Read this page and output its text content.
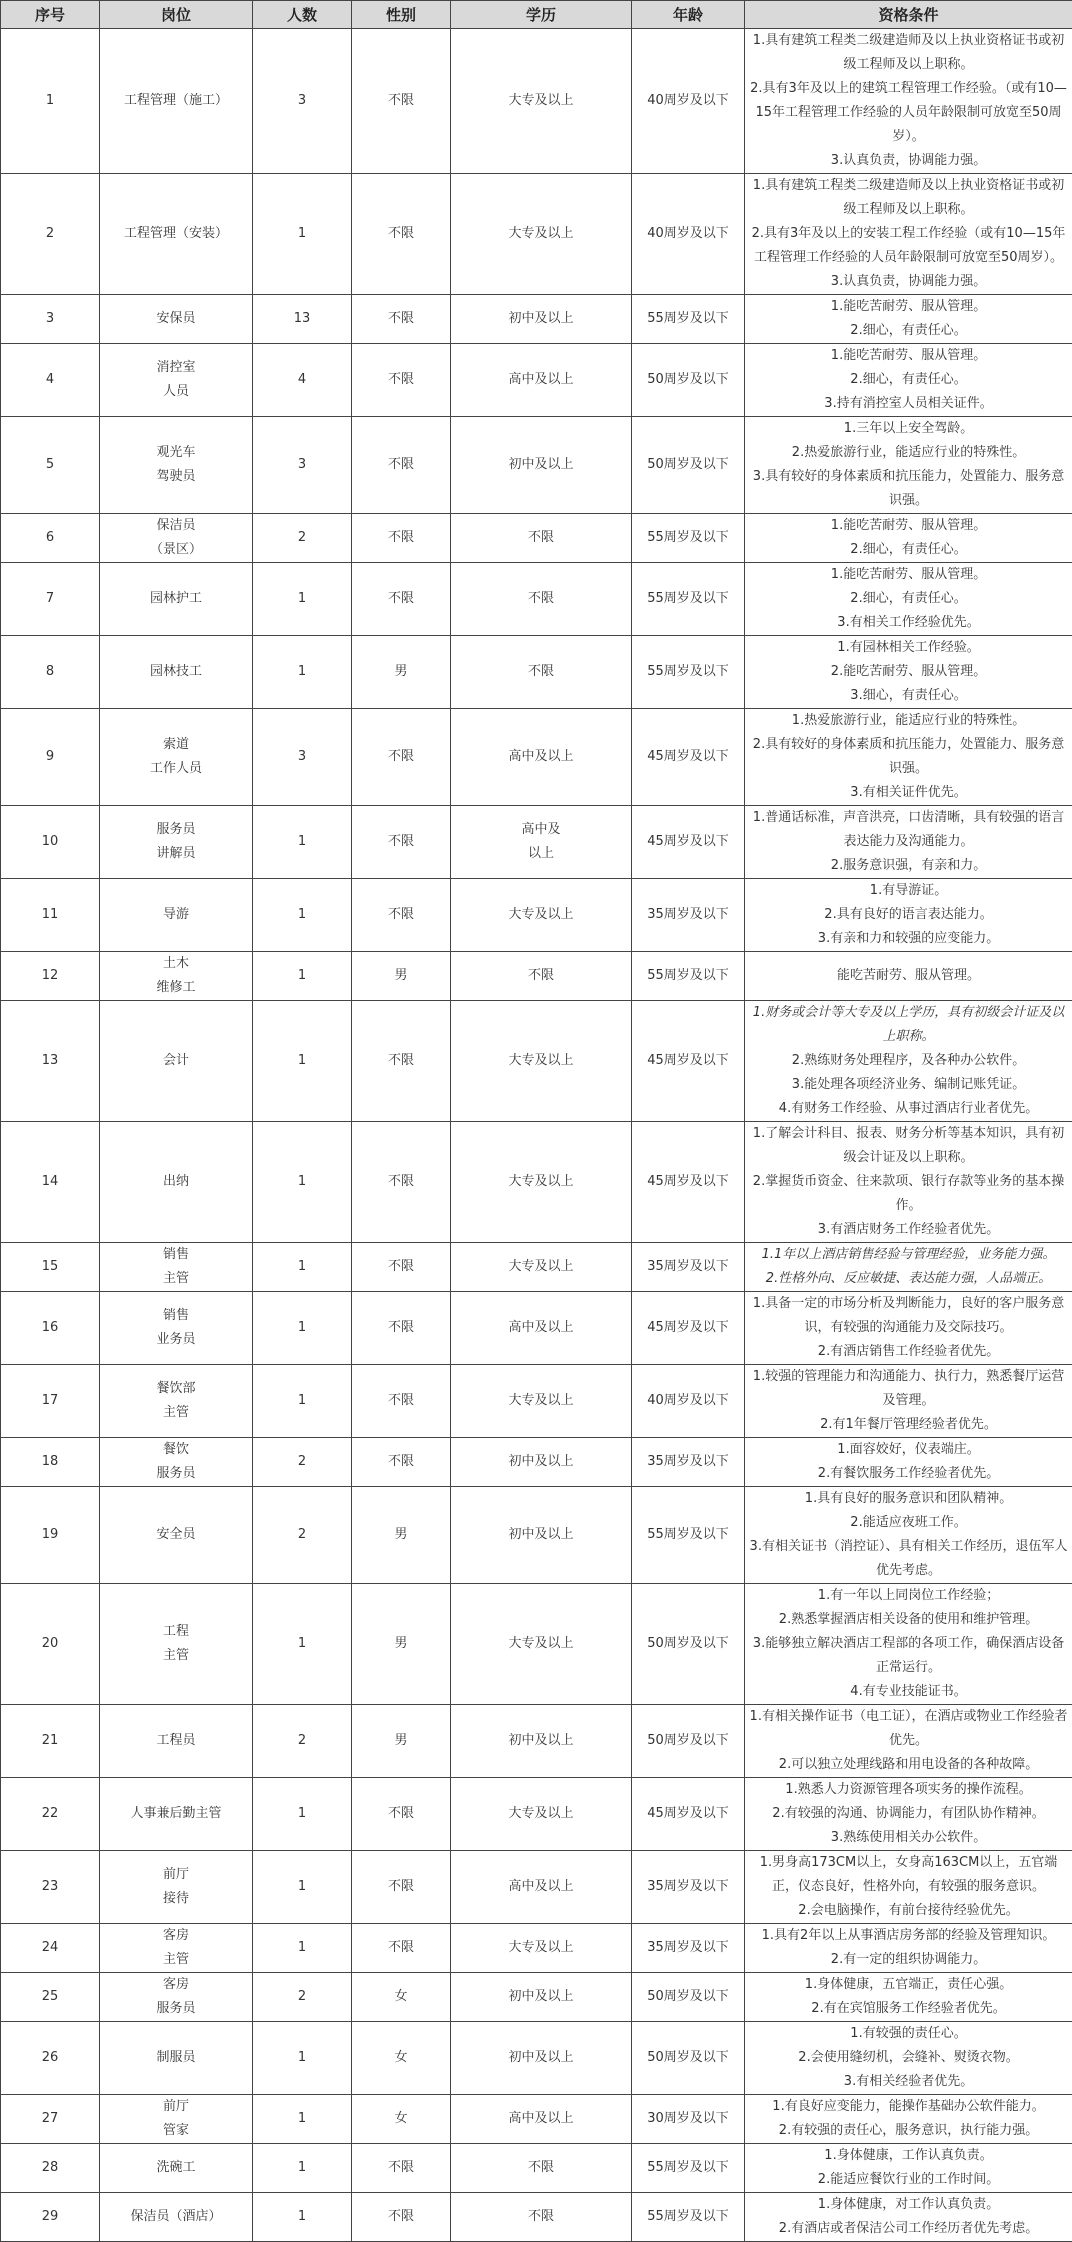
序号	岗位	人数	性别	学历	年龄	资格条件
1	工程管理（施工）	3	不限	大专及以上	40周岁及以下	1.具有建筑工程类二级建造师及以上执业资格证书或初级工程师及以上职称。
2.具有3年及以上的建筑工程管理工作经验。（或有10—15年工程管理工作经验的人员年龄限制可放宽至50周岁）。
3.认真负责，协调能力强。

2	工程管理（安装）	1	不限	大专及以上	40周岁及以下	1.具有建筑工程类二级建造师及以上执业资格证书或初级工程师及以上职称。
2.具有3年及以上的安装工程工作经验（或有10—15年工程管理工作经验的人员年龄限制可放宽至50周岁）。
3.认真负责，协调能力强。

3	安保员	13	不限	初中及以上	55周岁及以下	1.能吃苦耐劳、服从管理。
2.细心，有责任心。

4	消控室
人员	4	不限	高中及以上	50周岁及以下	1.能吃苦耐劳、服从管理。
2.细心，有责任心。
3.持有消控室人员相关证件。

5	观光车
驾驶员	3	不限	初中及以上	50周岁及以下	1.三年以上安全驾龄。
2.热爱旅游行业，能适应行业的特殊性。
3.具有较好的身体素质和抗压能力，处置能力、服务意识强。

6	保洁员
（景区）	2	不限	不限	55周岁及以下	1.能吃苦耐劳、服从管理。
2.细心，有责任心。

7	园林护工	1	不限	不限	55周岁及以下	1.能吃苦耐劳、服从管理。
2.细心，有责任心。
3.有相关工作经验优先。

8	园林技工	1	男	不限	55周岁及以下	1.有园林相关工作经验。
2.能吃苦耐劳、服从管理。
3.细心，有责任心。

9	索道
工作人员	3	不限	高中及以上	45周岁及以下	1.热爱旅游行业，能适应行业的特殊性。
2.具有较好的身体素质和抗压能力，处置能力、服务意识强。
3.有相关证件优先。

10	服务员
讲解员	1	不限	高中及
以上	45周岁及以下	1.普通话标准，声音洪亮，口齿清晰，具有较强的语言表达能力及沟通能力。
2.服务意识强，有亲和力。

11	导游	1	不限	大专及以上	35周岁及以下	1.有导游证。
2.具有良好的语言表达能力。
3.有亲和力和较强的应变能力。

12	土木
维修工	1	男	不限	55周岁及以下	能吃苦耐劳、服从管理。

13	会计	1	不限	大专及以上	45周岁及以下	1.财务或会计等大专及以上学历，具有初级会计证及以上职称。
2.熟练财务处理程序，及各种办公软件。
3.能处理各项经济业务、编制记账凭证。
4.有财务工作经验、从事过酒店行业者优先。

14	出纳	1	不限	大专及以上	45周岁及以下	1.了解会计科目、报表、财务分析等基本知识，具有初级会计证及以上职称。
2.掌握货币资金、往来款项、银行存款等业务的基本操作。
3.有酒店财务工作经验者优先。

15	销售
主管	1	不限	大专及以上	35周岁及以下	1.1年以上酒店销售经验与管理经验，业务能力强。
2.性格外向、反应敏捷、表达能力强，人品端正。

16	销售
业务员	1	不限	高中及以上	45周岁及以下	1.具备一定的市场分析及判断能力，良好的客户服务意识，有较强的沟通能力及交际技巧。
2.有酒店销售工作经验者优先。

17	餐饮部
主管	1	不限	大专及以上	40周岁及以下	1.较强的管理能力和沟通能力、执行力，熟悉餐厅运营及管理。
2.有1年餐厅管理经验者优先。

18	餐饮
服务员	2	不限	初中及以上	35周岁及以下	1.面容姣好，仪表端庄。
2.有餐饮服务工作经验者优先。

19	安全员	2	男	初中及以上	55周岁及以下	1.具有良好的服务意识和团队精神。
2.能适应夜班工作。
3.有相关证书（消控证）、具有相关工作经历，退伍军人优先考虑。

20	工程
主管	1	男	大专及以上	50周岁及以下	1.有一年以上同岗位工作经验；
2.熟悉掌握酒店相关设备的使用和维护管理。
3.能够独立解决酒店工程部的各项工作，确保酒店设备正常运行。
4.有专业技能证书。

21	工程员	2	男	初中及以上	50周岁及以下	1.有相关操作证书（电工证），在酒店或物业工作经验者优先。
2.可以独立处理线路和用电设备的各种故障。

22	人事兼后勤主管	1	不限	大专及以上	45周岁及以下	1.熟悉人力资源管理各项实务的操作流程。
2.有较强的沟通、协调能力，有团队协作精神。
3.熟练使用相关办公软件。

23	前厅
接待	1	不限	高中及以上	35周岁及以下	1.男身高173CM以上，女身高163CM以上，五官端正，仪态良好，性格外向，有较强的服务意识。
2.会电脑操作，有前台接待经验优先。

24	客房
主管	1	不限	大专及以上	35周岁及以下	1.具有2年以上从事酒店房务部的经验及管理知识。
2.有一定的组织协调能力。

25	客房
服务员	2	女	初中及以上	50周岁及以下	1.身体健康，五官端正，责任心强。
2.有在宾馆服务工作经验者优先。

26	制服员	1	女	初中及以上	50周岁及以下	1.有较强的责任心。
2.会使用缝纫机，会缝补、熨烫衣物。
3.有相关经验者优先。

27	前厅
管家	1	女	高中及以上	30周岁及以下	1.有良好应变能力，能操作基础办公软件能力。
2.有较强的责任心，服务意识，执行能力强。

28	洗碗工	1	不限	不限	55周岁及以下	1.身体健康，工作认真负责。
2.能适应餐饮行业的工作时间。

29	保洁员（酒店）	1	不限	不限	55周岁及以下	1.身体健康，对工作认真负责。
2.有酒店或者保洁公司工作经历者优先考虑。
